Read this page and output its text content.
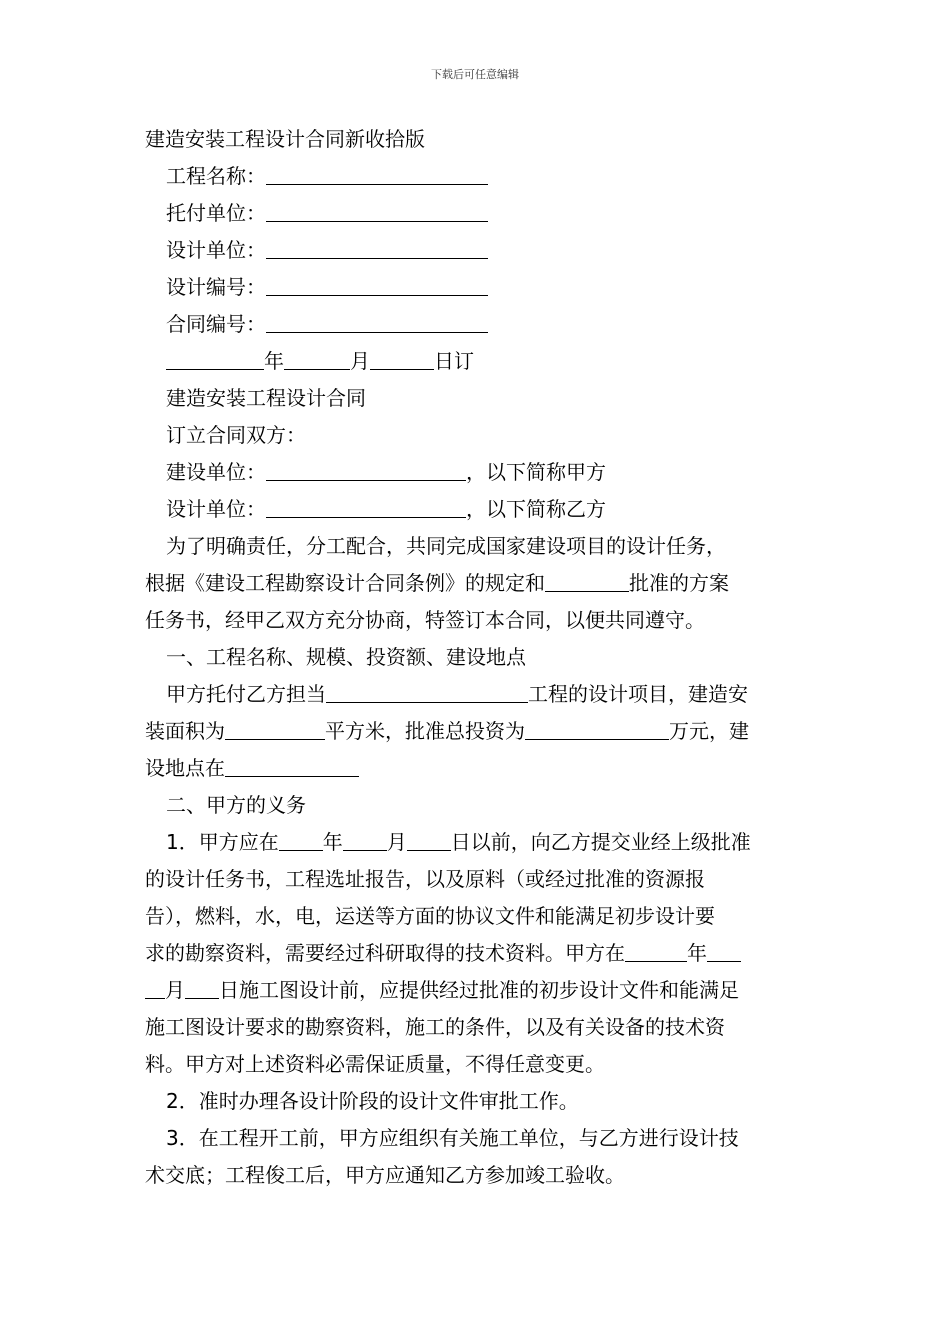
下载后可任意编辑
建造安装工程设计合同新收拾版
工程名称：
托付单位：
设计单位：
设计编号：
合同编号：
年	月	日订
建造安装工程设计合同
订立合同双方：
建设单位：	，以下简称甲方
设计单位：	，以下简称乙方
为了明确责任，分工配合，共同完成国家建设项目的设计任务，
根据《建设工程勘察设计合同条例》的规定和	批准的方案
任务书，经甲乙双方充分协商，特签订本合同，以便共同遵守。
一、工程名称、规模、投资额、建设地点
甲方托付乙方担当	工程的设计项目，建造安
装面积为	平方米，批准总投资为	万元，建
设地点在
二、甲方的义务
1．甲方应在 年 月 日以前，向乙方提交业经上级批准
的设计任务书，工程选址报告，以及原料（或经过批准的资源报
告），燃料，水，电，运送等方面的协议文件和能满足初步设计要
求的勘察资料，需要经过科研取得的技术资料。甲方在	年
月 日施工图设计前，应提供经过批准的初步设计文件和能满足
施工图设计要求的勘察资料，施工的条件，以及有关设备的技术资
料。甲方对上述资料必需保证质量，不得任意变更。
2．准时办理各设计阶段的设计文件审批工作。
3．在工程开工前，甲方应组织有关施工单位，与乙方进行设计技
术交底；工程俊工后，甲方应通知乙方参加竣工验收。
